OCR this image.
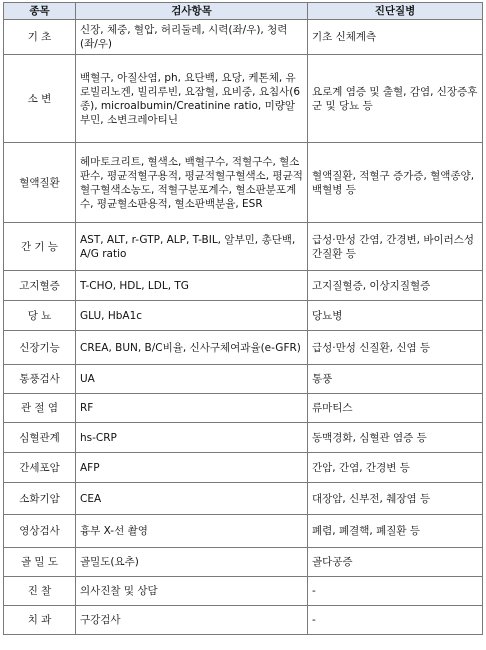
종목	검사항목	진단질병
기 초	신장, 체중, 혈압, 허리둘레, 시력(좌/우), 청력(좌/우)	기초 신체계측
소 변	백혈구, 아질산염, ph, 요단백, 요당, 케톤체, 유로빌리노겐, 빌리루빈, 요잠혈, 요비중, 요침사(6종), microalbumin/Creatinine ratio, 미량알부민, 소변크레아티닌	요로계 염증 및 출혈, 감염, 신장증후군 및 당뇨 등
혈액질환	헤마토크리트, 혈색소, 백혈구수, 적혈구수, 혈소판수, 평균적혈구용적, 평균적혈구혈색소, 평균적혈구혈색소농도, 적혈구분포계수, 혈소판분포계수, 평균혈소판용적, 혈소판백분율, ESR	혈액질환, 적혈구 증가증, 혈액종양, 백혈병 등
간 기 능	AST, ALT, r-GTP, ALP, T-BIL, 알부민, 총단백, A/G ratio	급성·만성 간염, 간경변, 바이러스성 간질환 등
고지혈증	T-CHO, HDL, LDL, TG	고지질혈증, 이상지질혈증
당 뇨	GLU, HbA1c	당뇨병
신장기능	CREA, BUN, B/C비율, 신사구체여과율(e-GFR)	급성·만성 신질환, 신염 등
통풍검사	UA	통풍
관 절 염	RF	류마티스
심혈관계	hs-CRP	동맥경화, 심혈관 염증 등
간세포암	AFP	간암, 간염, 간경변 등
소화기암	CEA	대장암, 신부전, 췌장염 등
영상검사	흉부 X-선 촬영	폐렴, 폐결핵, 폐질환 등
골 밀 도	골밀도(요추)	골다공증
진 찰	의사진찰 및 상담	-
치 과	구강검사	-
